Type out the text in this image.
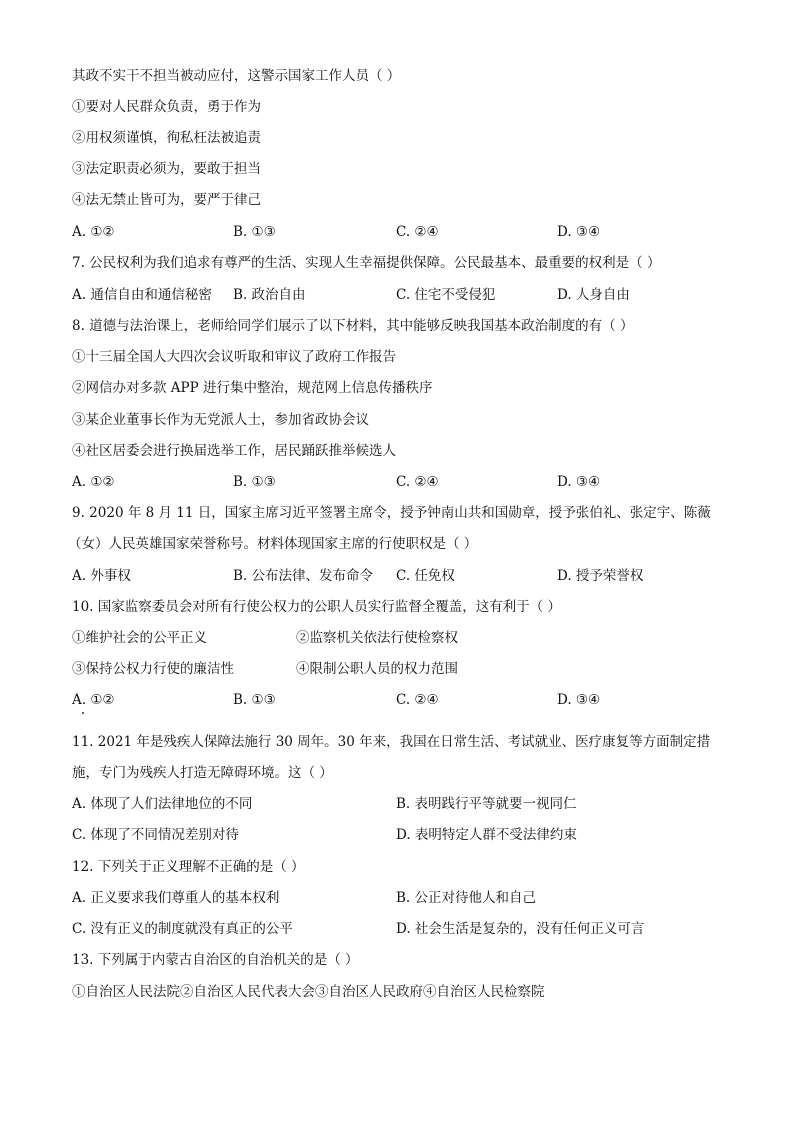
其政不实干不担当被动应付，这警示国家工作人员（ ）
①要对人民群众负责，勇于作为
②用权须谨慎，徇私枉法被追责
③法定职责必须为，要敢于担当
④法无禁止皆可为，要严于律己
A. ①②	B. ①③	C. ②④	D. ③④
7. 公民权利为我们追求有尊严的生活、实现人生幸福提供保障。公民最基本、最重要的权利是（ ）
A. 通信自由和通信秘密 B. 政治自由	C. 住宅不受侵犯	D. 人身自由
8. 道德与法治课上，老师给同学们展示了以下材料，其中能够反映我国基本政治制度的有（ ）
①十三届全国人大四次会议听取和审议了政府工作报告
②网信办对多款 APP 进行集中整治，规范网上信息传播秩序
③某企业董事长作为无党派人士，参加省政协会议
④社区居委会进行换届选举工作，居民踊跃推举候选人
A. ①②	B. ①③	C. ②④	D. ③④
9. 2020 年 8 月 11 日，国家主席习近平签署主席令，授予钟南山共和国勋章，授予张伯礼、张定宇、陈薇
（女）人民英雄国家荣誉称号。材料体现国家主席的行使职权是（ ）
A. 外事权	B. 公布法律、发布命令 C. 任免权	D. 授予荣誉权
10. 国家监察委员会对所有行使公权力的公职人员实行监督全覆盖，这有利于（ ）
①维护社会的公平正义	②监察机关依法行使检察权
③保持公权力行使的廉洁性	④限制公职人员的权力范围
A. ①②	B. ①③	C. ②④	D. ③④
11. 2021 年是残疾人保障法施行 30 周年。30 年来，我国在日常生活、考试就业、医疗康复等方面制定措
施，专门为残疾人打造无障碍环境。这（ ）
A. 体现了人们法律地位的不同	B. 表明践行平等就要一视同仁
C. 体现了不同情况差别对待	D. 表明特定人群不受法律约束
12. 下列关于正义理解不正确的是（ ）
A. 正义要求我们尊重人的基本权利	B. 公正对待他人和自己
C. 没有正义的制度就没有真正的公平	D. 社会生活是复杂的，没有任何正义可言
13. 下列属于内蒙古自治区的自治机关的是（ ）
①自治区人民法院②自治区人民代表大会③自治区人民政府④自治区人民检察院
